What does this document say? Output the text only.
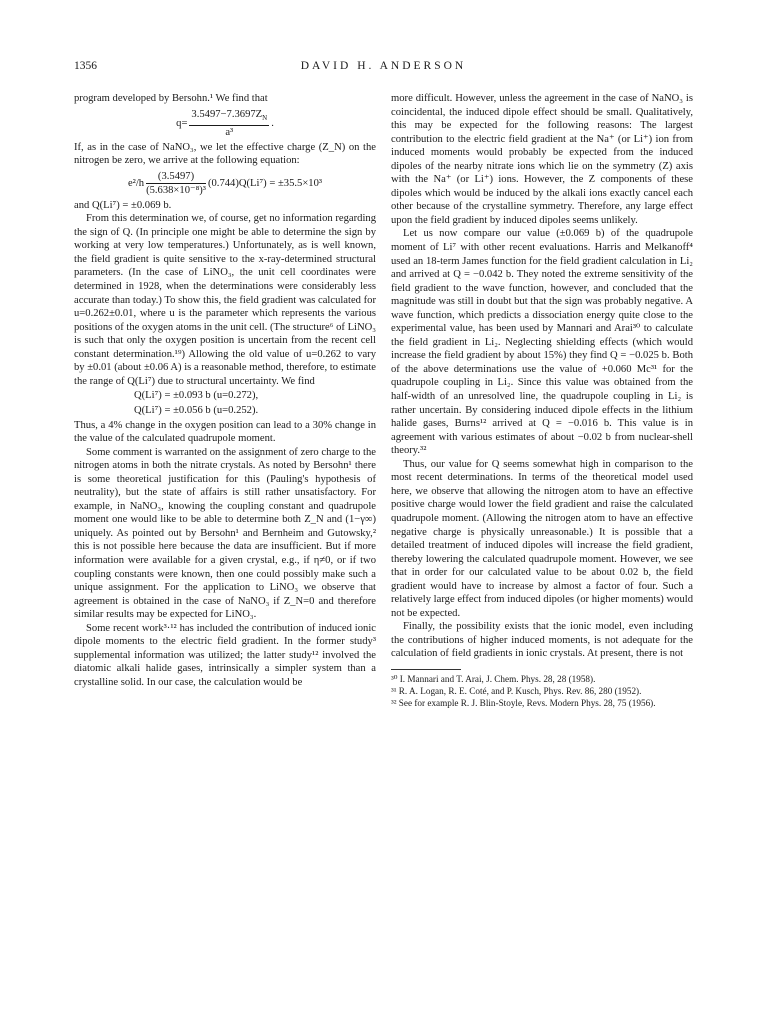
1356	DAVID H. ANDERSON

program developed by Bersohn.¹ We find that

$q= \frac{3.5497-7.3697Z_N}{\text{a³}}$ .

If, as in the case of NaNO₃, we let the effective charge (Z_N) on the nitrogen be zero, we arrive at the following equation:

$e^2/h \frac{(3.5497)}{\text{(5.638×10⁻⁸)³}} (0.744)Q(Li^7) = \pm 35.5\times 10^3$

and Q(Li⁷) = ±0.069 b.

From this determination we, of course, get no information regarding the sign of Q. (In principle one might be able to determine the sign by working at very low temperatures.) Unfortunately, as is well known, the field gradient is quite sensitive to the x-ray-determined structural parameters. (In the case of LiNO₃, the unit cell coordinates were determined in 1928, when the determinations were considerably less accurate than today.) To show this, the field gradient was calculated for u=0.262±0.01, where u is the parameter which represents the various positions of the oxygen atoms in the unit cell. (The structure⁶ of LiNO₃ is such that only the oxygen position is uncertain from the recent cell constant determination.¹⁹) Allowing the old value of u=0.262 to vary by ±0.01 (about ±0.06 A) is a reasonable method, therefore, to estimate the range of Q(Li⁷) due to structural uncertainty. We find

Q(Li⁷) = ±0.093 b (u=0.272),
Q(Li⁷) = ±0.056 b (u=0.252).

Thus, a 4% change in the oxygen position can lead to a 30% change in the value of the calculated quadrupole moment.

Some comment is warranted on the assignment of zero charge to the nitrogen atoms in both the nitrate crystals. As noted by Bersohn¹ there is some theoretical justification for this (Pauling's hypothesis of neutrality), but the state of affairs is still rather unsatisfactory. For example, in NaNO₃, knowing the coupling constant and quadrupole moment one would like to be able to determine both Z_N and (1−γ∞) uniquely. As pointed out by Bersohn¹ and Bernheim and Gutowsky,² this is not possible here because the data are insufficient. But if more information were available for a given crystal, e.g., if η≠0, or if two coupling constants were known, then one could possibly make such a unique assignment. For the application to LiNO₃ we observe that agreement is obtained in the case of NaNO₃ if Z_N=0 and therefore similar results may be expected for LiNO₃.

Some recent work³·¹² has included the contribution of induced ionic dipole moments to the electric field gradient. In the former study³ supplemental information was utilized; the latter study¹² involved the diatomic alkali halide gases, intrinsically a simpler system than a crystalline solid. In our case, the calculation would be

more difficult. However, unless the agreement in the case of NaNO₃ is coincidental, the induced dipole effect should be small. Qualitatively, this may be expected for the following reasons: The largest contribution to the electric field gradient at the Na⁺ (or Li⁺) ion from induced moments would probably be expected from the induced dipoles of the nearby nitrate ions which lie on the symmetry (Z) axis with the Na⁺ (or Li⁺) ions. However, the Z components of these dipoles which would be induced by the alkali ions exactly cancel each other because of the crystalline symmetry. Therefore, any large effect upon the field gradient by induced dipoles seems unlikely.

Let us now compare our value (±0.069 b) of the quadrupole moment of Li⁷ with other recent evaluations. Harris and Melkanoff⁴ used an 18-term James function for the field gradient calculation in Li₂ and arrived at Q = −0.042 b. They noted the extreme sensitivity of the field gradient to the wave function, however, and concluded that the magnitude was still in doubt but that the sign was probably negative. A wave function, which predicts a dissociation energy quite close to the experimental value, has been used by Mannari and Arai³⁰ to calculate the field gradient in Li₂. Neglecting shielding effects (which would increase the field gradient by about 15%) they find Q = −0.025 b. Both of the above determinations use the value of +0.060 Mc³¹ for the quadrupole coupling in Li₂. Since this value was obtained from the half-width of an unresolved line, the quadrupole coupling in Li₂ is rather uncertain. By considering induced dipole effects in the lithium halide gases, Burns¹² arrived at Q = −0.016 b. This value is in agreement with various estimates of about −0.02 b from nuclear-shell theory.³²

Thus, our value for Q seems somewhat high in comparison to the most recent determinations. In terms of the theoretical model used here, we observe that allowing the nitrogen atom to have an effective positive charge would lower the field gradient and raise the calculated quadrupole moment. (Allowing the nitrogen atom to have an effective negative charge is physically unreasonable.) It is possible that a detailed treatment of induced dipoles will increase the field gradient, thereby lowering the calculated quadrupole moment. However, we see that in order for our calculated value to be about 0.02 b, the field gradient would have to increase by almost a factor of four. Such a relatively large effect from induced dipoles (or higher moments) would not be expected.

Finally, the possibility exists that the ionic model, even including the contributions of higher induced moments, is not adequate for the calculation of field gradients in ionic crystals. At present, there is not

³⁰ I. Mannari and T. Arai, J. Chem. Phys. 28, 28 (1958).

³¹ R. A. Logan, R. E. Coté, and P. Kusch, Phys. Rev. 86, 280 (1952).

³² See for example R. J. Blin-Stoyle, Revs. Modern Phys. 28, 75 (1956).
